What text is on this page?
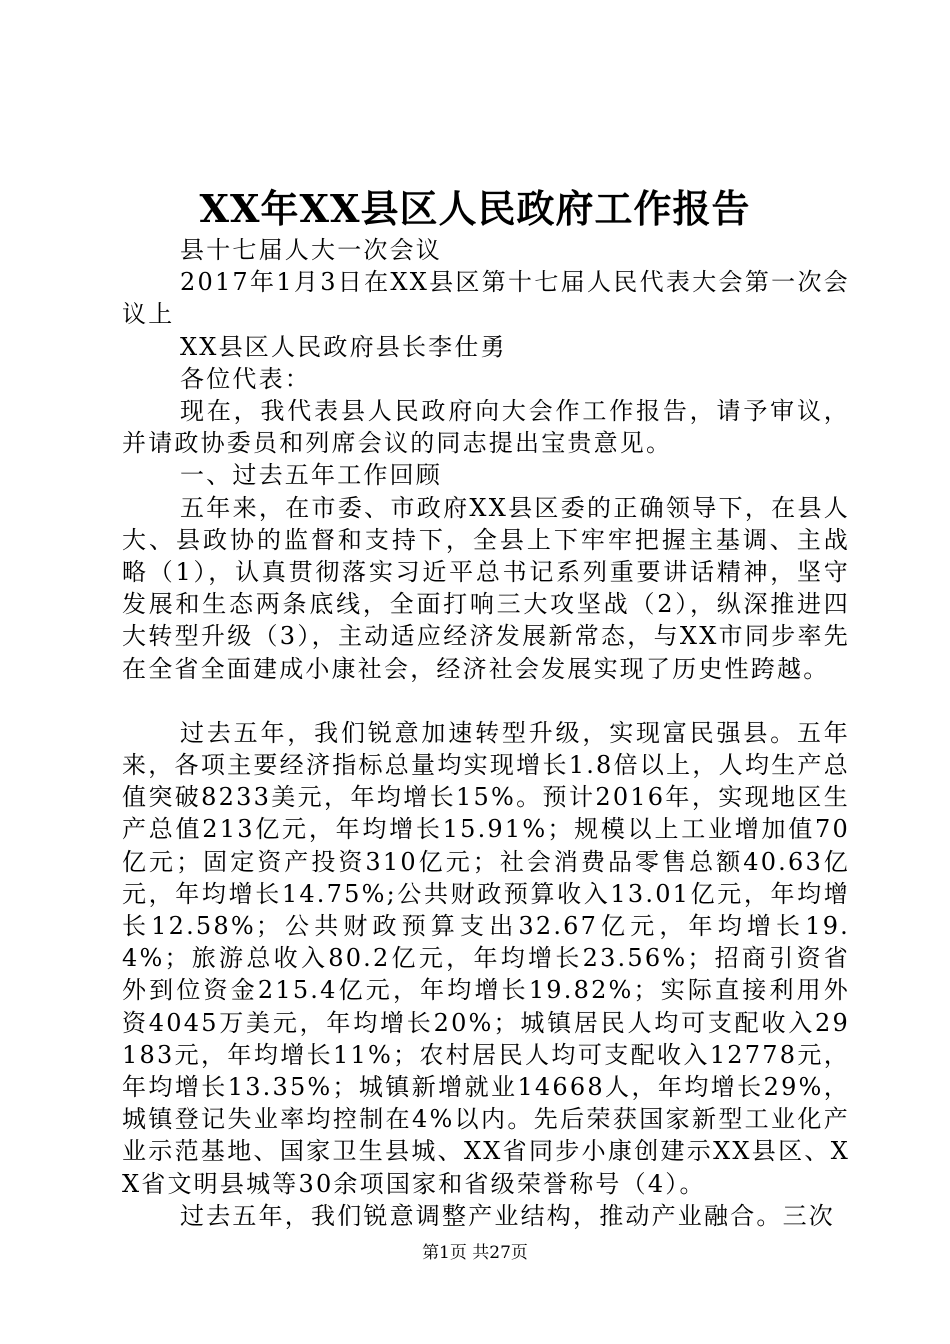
XX年XX县区人民政府工作报告

县十七届人大一次会议

2017年1月3日在XX县区第十七届人民代表大会第一次会议上

XX县区人民政府县长李仕勇

各位代表：

现在，我代表县人民政府向大会作工作报告，请予审议，并请政协委员和列席会议的同志提出宝贵意见。

一、过去五年工作回顾

五年来，在市委、市政府XX县区委的正确领导下，在县人大、县政协的监督和支持下，全县上下牢牢把握主基调、主战略（1），认真贯彻落实习近平总书记系列重要讲话精神，坚守发展和生态两条底线，全面打响三大攻坚战（2），纵深推进四大转型升级（3），主动适应经济发展新常态，与XX市同步率先在全省全面建成小康社会，经济社会发展实现了历史性跨越。

过去五年，我们锐意加速转型升级，实现富民强县。五年来，各项主要经济指标总量均实现增长1.8倍以上，人均生产总值突破8233美元，年均增长15%。预计2016年，实现地区生产总值213亿元，年均增长15.91%；规模以上工业增加值70亿元；固定资产投资310亿元；社会消费品零售总额40.63亿元，年均增长14.75%;公共财政预算收入13.01亿元，年均增长12.58%；公共财政预算支出32.67亿元，年均增长19.4%；旅游总收入80.2亿元，年均增长23.56%；招商引资省外到位资金215.4亿元，年均增长19.82%；实际直接利用外资4045万美元，年均增长20%；城镇居民人均可支配收入29183元，年均增长11%；农村居民人均可支配收入12778元，年均增长13.35%；城镇新增就业14668人，年均增长29%，城镇登记失业率均控制在4%以内。先后荣获国家新型工业化产业示范基地、国家卫生县城、XX省同步小康创建示XX县区、XX省文明县城等30余项国家和省级荣誉称号（4）。

过去五年，我们锐意调整产业结构，推动产业融合。三次

第1页 共27页
